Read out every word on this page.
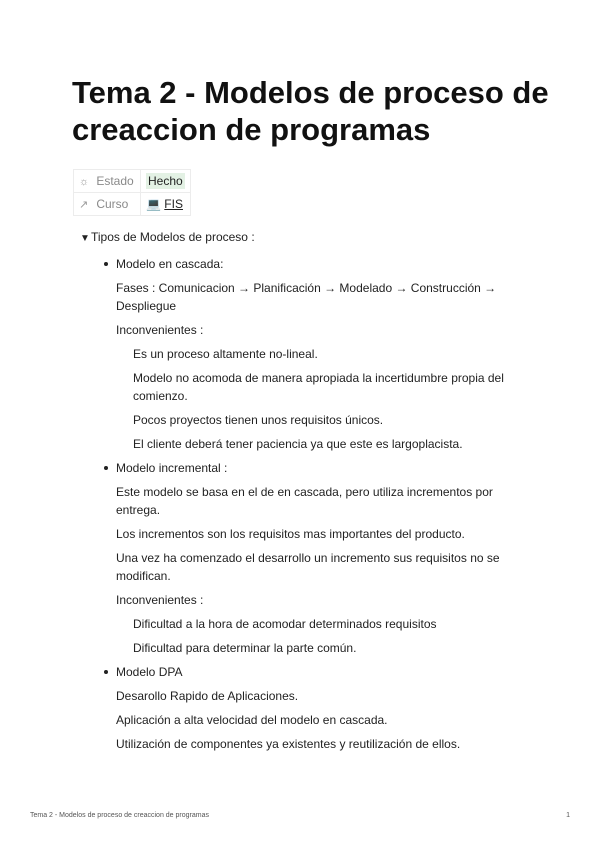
Tema 2 - Modelos de proceso de creaccion de programas
☼ Estado	Hecho
↗ Curso	💻 FIS
▼Tipos de Modelos de proceso :

Modelo en cascada:

Fases : Comunicacion → Planificación → Modelado → Construcción → Despliegue

Inconvenientes :

Es un proceso altamente no-lineal.

Modelo no acomoda de manera apropiada la incertidumbre propia del comienzo.

Pocos proyectos tienen unos requisitos únicos.

El cliente deberá tener paciencia ya que este es largoplacista.

Modelo incremental :

Este modelo se basa en el de en cascada, pero utiliza incrementos por entrega.

Los incrementos son los requisitos mas importantes del producto.

Una vez ha comenzado el desarrollo un incremento sus requisitos no se modifican.

Inconvenientes :

Dificultad a la hora de acomodar determinados requisitos

Dificultad para determinar la parte común.

Modelo DPA

Desarollo Rapido de Aplicaciones.

Aplicación a alta velocidad del modelo en cascada.

Utilización de componentes ya existentes y reutilización de ellos.

Tema 2 - Modelos de proceso de creaccion de programas	1
